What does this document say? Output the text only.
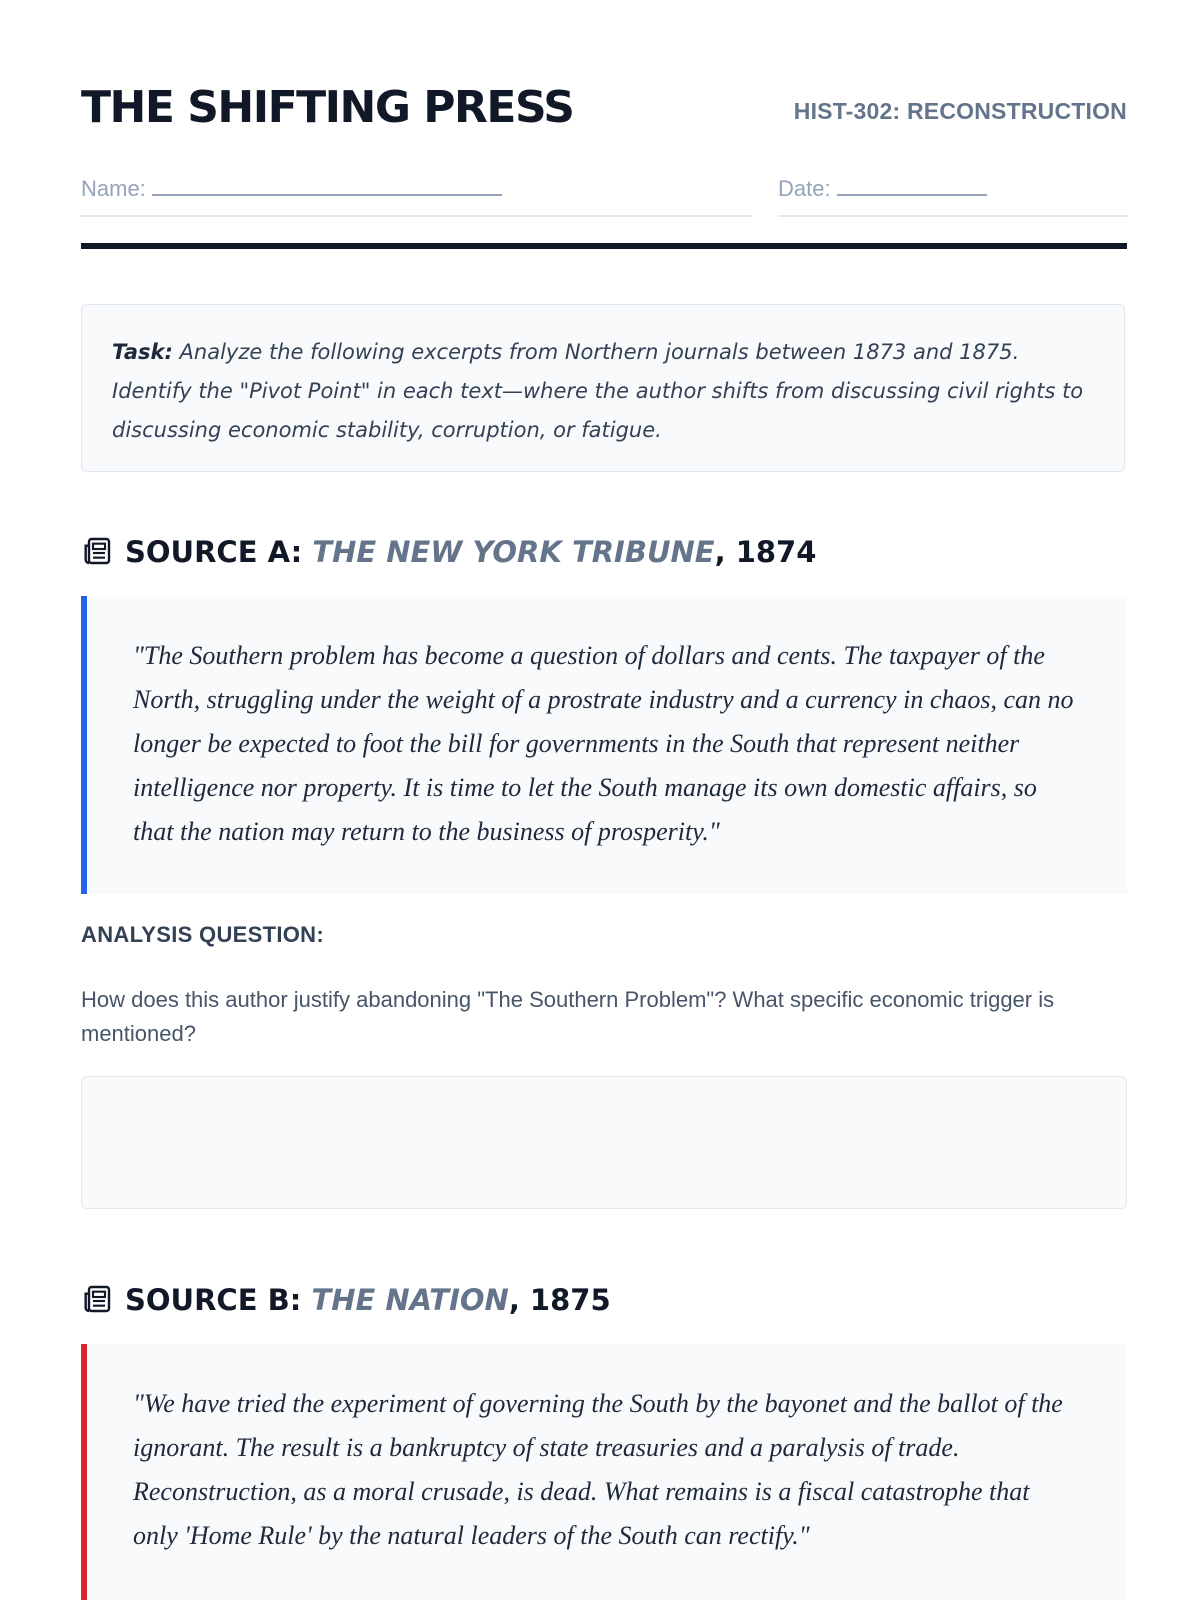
THE SHIFTING PRESS	HIST-302: RECONSTRUCTION
Name:	Date:
Task: Analyze the following excerpts from Northern journals between 1873 and 1875. Identify the "Pivot Point" in each text—where the author shifts from discussing civil rights to discussing economic stability, corruption, or fatigue.
SOURCE A: THE NEW YORK TRIBUNE, 1874
"The Southern problem has become a question of dollars and cents. The taxpayer of the North, struggling under the weight of a prostrate industry and a currency in chaos, can no longer be expected to foot the bill for governments in the South that represent neither intelligence nor property. It is time to let the South manage its own domestic affairs, so that the nation may return to the business of prosperity."
ANALYSIS QUESTION:
How does this author justify abandoning "The Southern Problem"? What specific economic trigger is mentioned?
SOURCE B: THE NATION, 1875
"We have tried the experiment of governing the South by the bayonet and the ballot of the ignorant. The result is a bankruptcy of state treasuries and a paralysis of trade. Reconstruction, as a moral crusade, is dead. What remains is a fiscal catastrophe that only 'Home Rule' by the natural leaders of the South can rectify."
